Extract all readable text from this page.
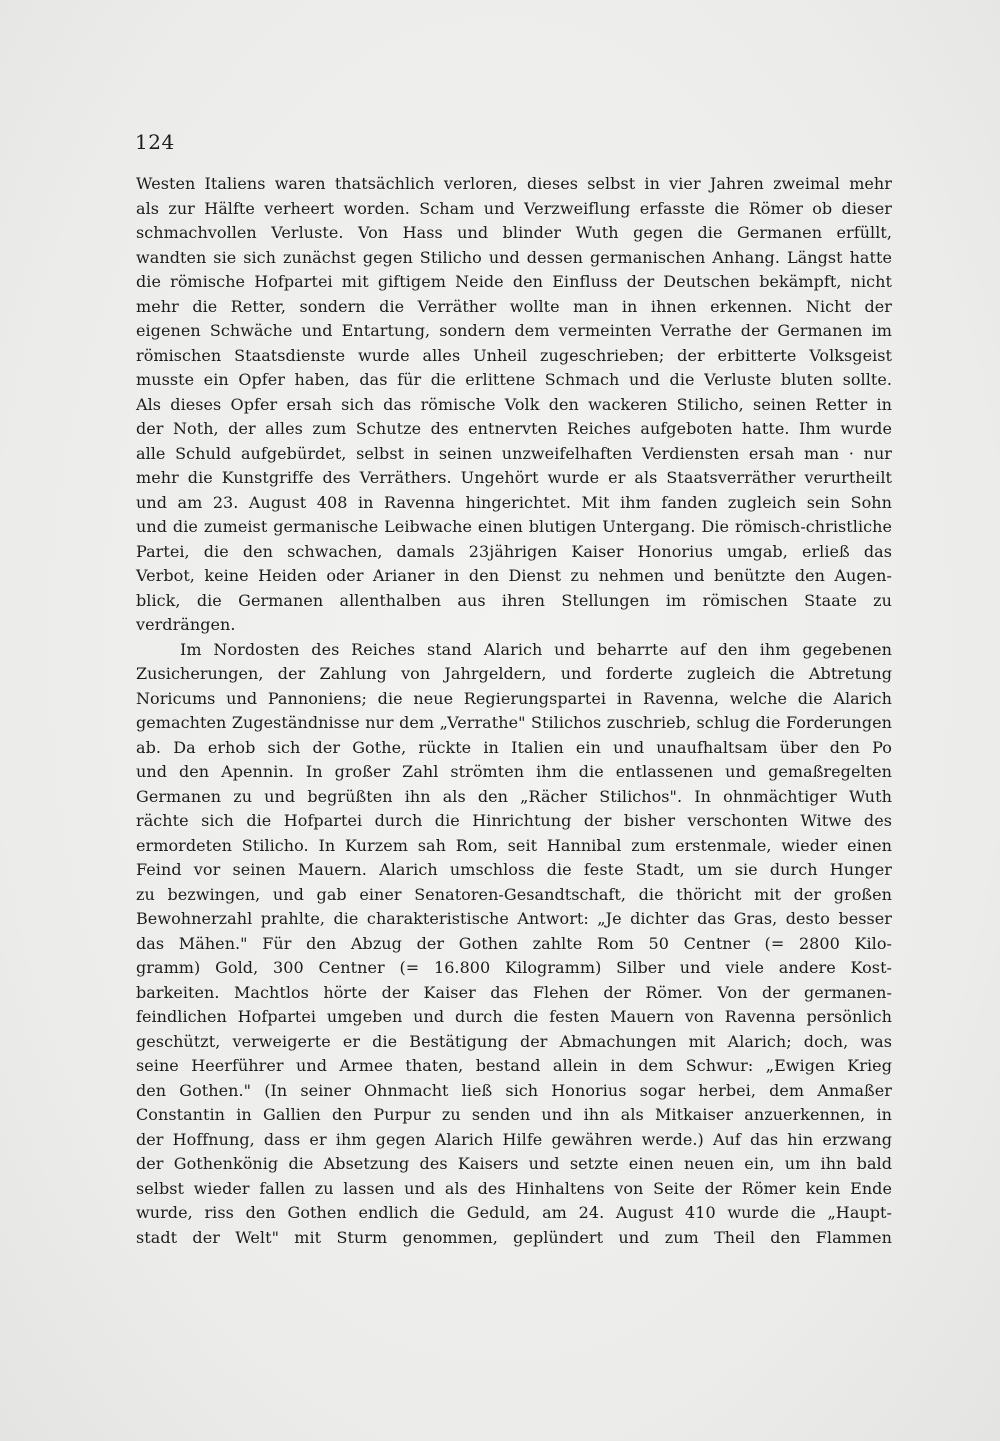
124
Westen Italiens waren thatsächlich verloren, dieses selbst in vier Jahren zweimal mehr
als zur Hälfte verheert worden. Scham und Verzweiflung erfasste die Römer ob dieser
schmachvollen Verluste. Von Hass und blinder Wuth gegen die Germanen erfüllt,
wandten sie sich zunächst gegen Stilicho und dessen germanischen Anhang. Längst hatte
die römische Hofpartei mit giftigem Neide den Einfluss der Deutschen bekämpft, nicht
mehr die Retter, sondern die Verräther wollte man in ihnen erkennen. Nicht der
eigenen Schwäche und Entartung, sondern dem vermeinten Verrathe der Germanen im
römischen Staatsdienste wurde alles Unheil zugeschrieben; der erbitterte Volksgeist
musste ein Opfer haben, das für die erlittene Schmach und die Verluste bluten sollte.
Als dieses Opfer ersah sich das römische Volk den wackeren Stilicho, seinen Retter in
der Noth, der alles zum Schutze des entnervten Reiches aufgeboten hatte. Ihm wurde
alle Schuld aufgebürdet, selbst in seinen unzweifelhaften Verdiensten ersah man · nur
mehr die Kunstgriffe des Verräthers. Ungehört wurde er als Staatsverräther verurtheilt
und am 23. August 408 in Ravenna hingerichtet. Mit ihm fanden zugleich sein Sohn
und die zumeist germanische Leibwache einen blutigen Untergang. Die römisch-christliche
Partei, die den schwachen, damals 23jährigen Kaiser Honorius umgab, erließ das
Verbot, keine Heiden oder Arianer in den Dienst zu nehmen und benützte den Augen-
blick, die Germanen allenthalben aus ihren Stellungen im römischen Staate zu
verdrängen.
Im Nordosten des Reiches stand Alarich und beharrte auf den ihm gegebenen
Zusicherungen, der Zahlung von Jahrgeldern, und forderte zugleich die Abtretung
Noricums und Pannoniens; die neue Regierungspartei in Ravenna, welche die Alarich
gemachten Zugeständnisse nur dem „Verrathe" Stilichos zuschrieb, schlug die Forderungen
ab. Da erhob sich der Gothe, rückte in Italien ein und unaufhaltsam über den Po
und den Apennin. In großer Zahl strömten ihm die entlassenen und gemaßregelten
Germanen zu und begrüßten ihn als den „Rächer Stilichos". In ohnmächtiger Wuth
rächte sich die Hofpartei durch die Hinrichtung der bisher verschonten Witwe des
ermordeten Stilicho. In Kurzem sah Rom, seit Hannibal zum erstenmale, wieder einen
Feind vor seinen Mauern. Alarich umschloss die feste Stadt, um sie durch Hunger
zu bezwingen, und gab einer Senatoren-Gesandtschaft, die thöricht mit der großen
Bewohnerzahl prahlte, die charakteristische Antwort: „Je dichter das Gras, desto besser
das Mähen." Für den Abzug der Gothen zahlte Rom 50 Centner (= 2800 Kilo-
gramm) Gold, 300 Centner (= 16.800 Kilogramm) Silber und viele andere Kost-
barkeiten. Machtlos hörte der Kaiser das Flehen der Römer. Von der germanen-
feindlichen Hofpartei umgeben und durch die festen Mauern von Ravenna persönlich
geschützt, verweigerte er die Bestätigung der Abmachungen mit Alarich; doch, was
seine Heerführer und Armee thaten, bestand allein in dem Schwur: „Ewigen Krieg
den Gothen." (In seiner Ohnmacht ließ sich Honorius sogar herbei, dem Anmaßer
Constantin in Gallien den Purpur zu senden und ihn als Mitkaiser anzuerkennen, in
der Hoffnung, dass er ihm gegen Alarich Hilfe gewähren werde.) Auf das hin erzwang
der Gothenkönig die Absetzung des Kaisers und setzte einen neuen ein, um ihn bald
selbst wieder fallen zu lassen und als des Hinhaltens von Seite der Römer kein Ende
wurde, riss den Gothen endlich die Geduld, am 24. August 410 wurde die „Haupt-
stadt der Welt" mit Sturm genommen, geplündert und zum Theil den Flammen
